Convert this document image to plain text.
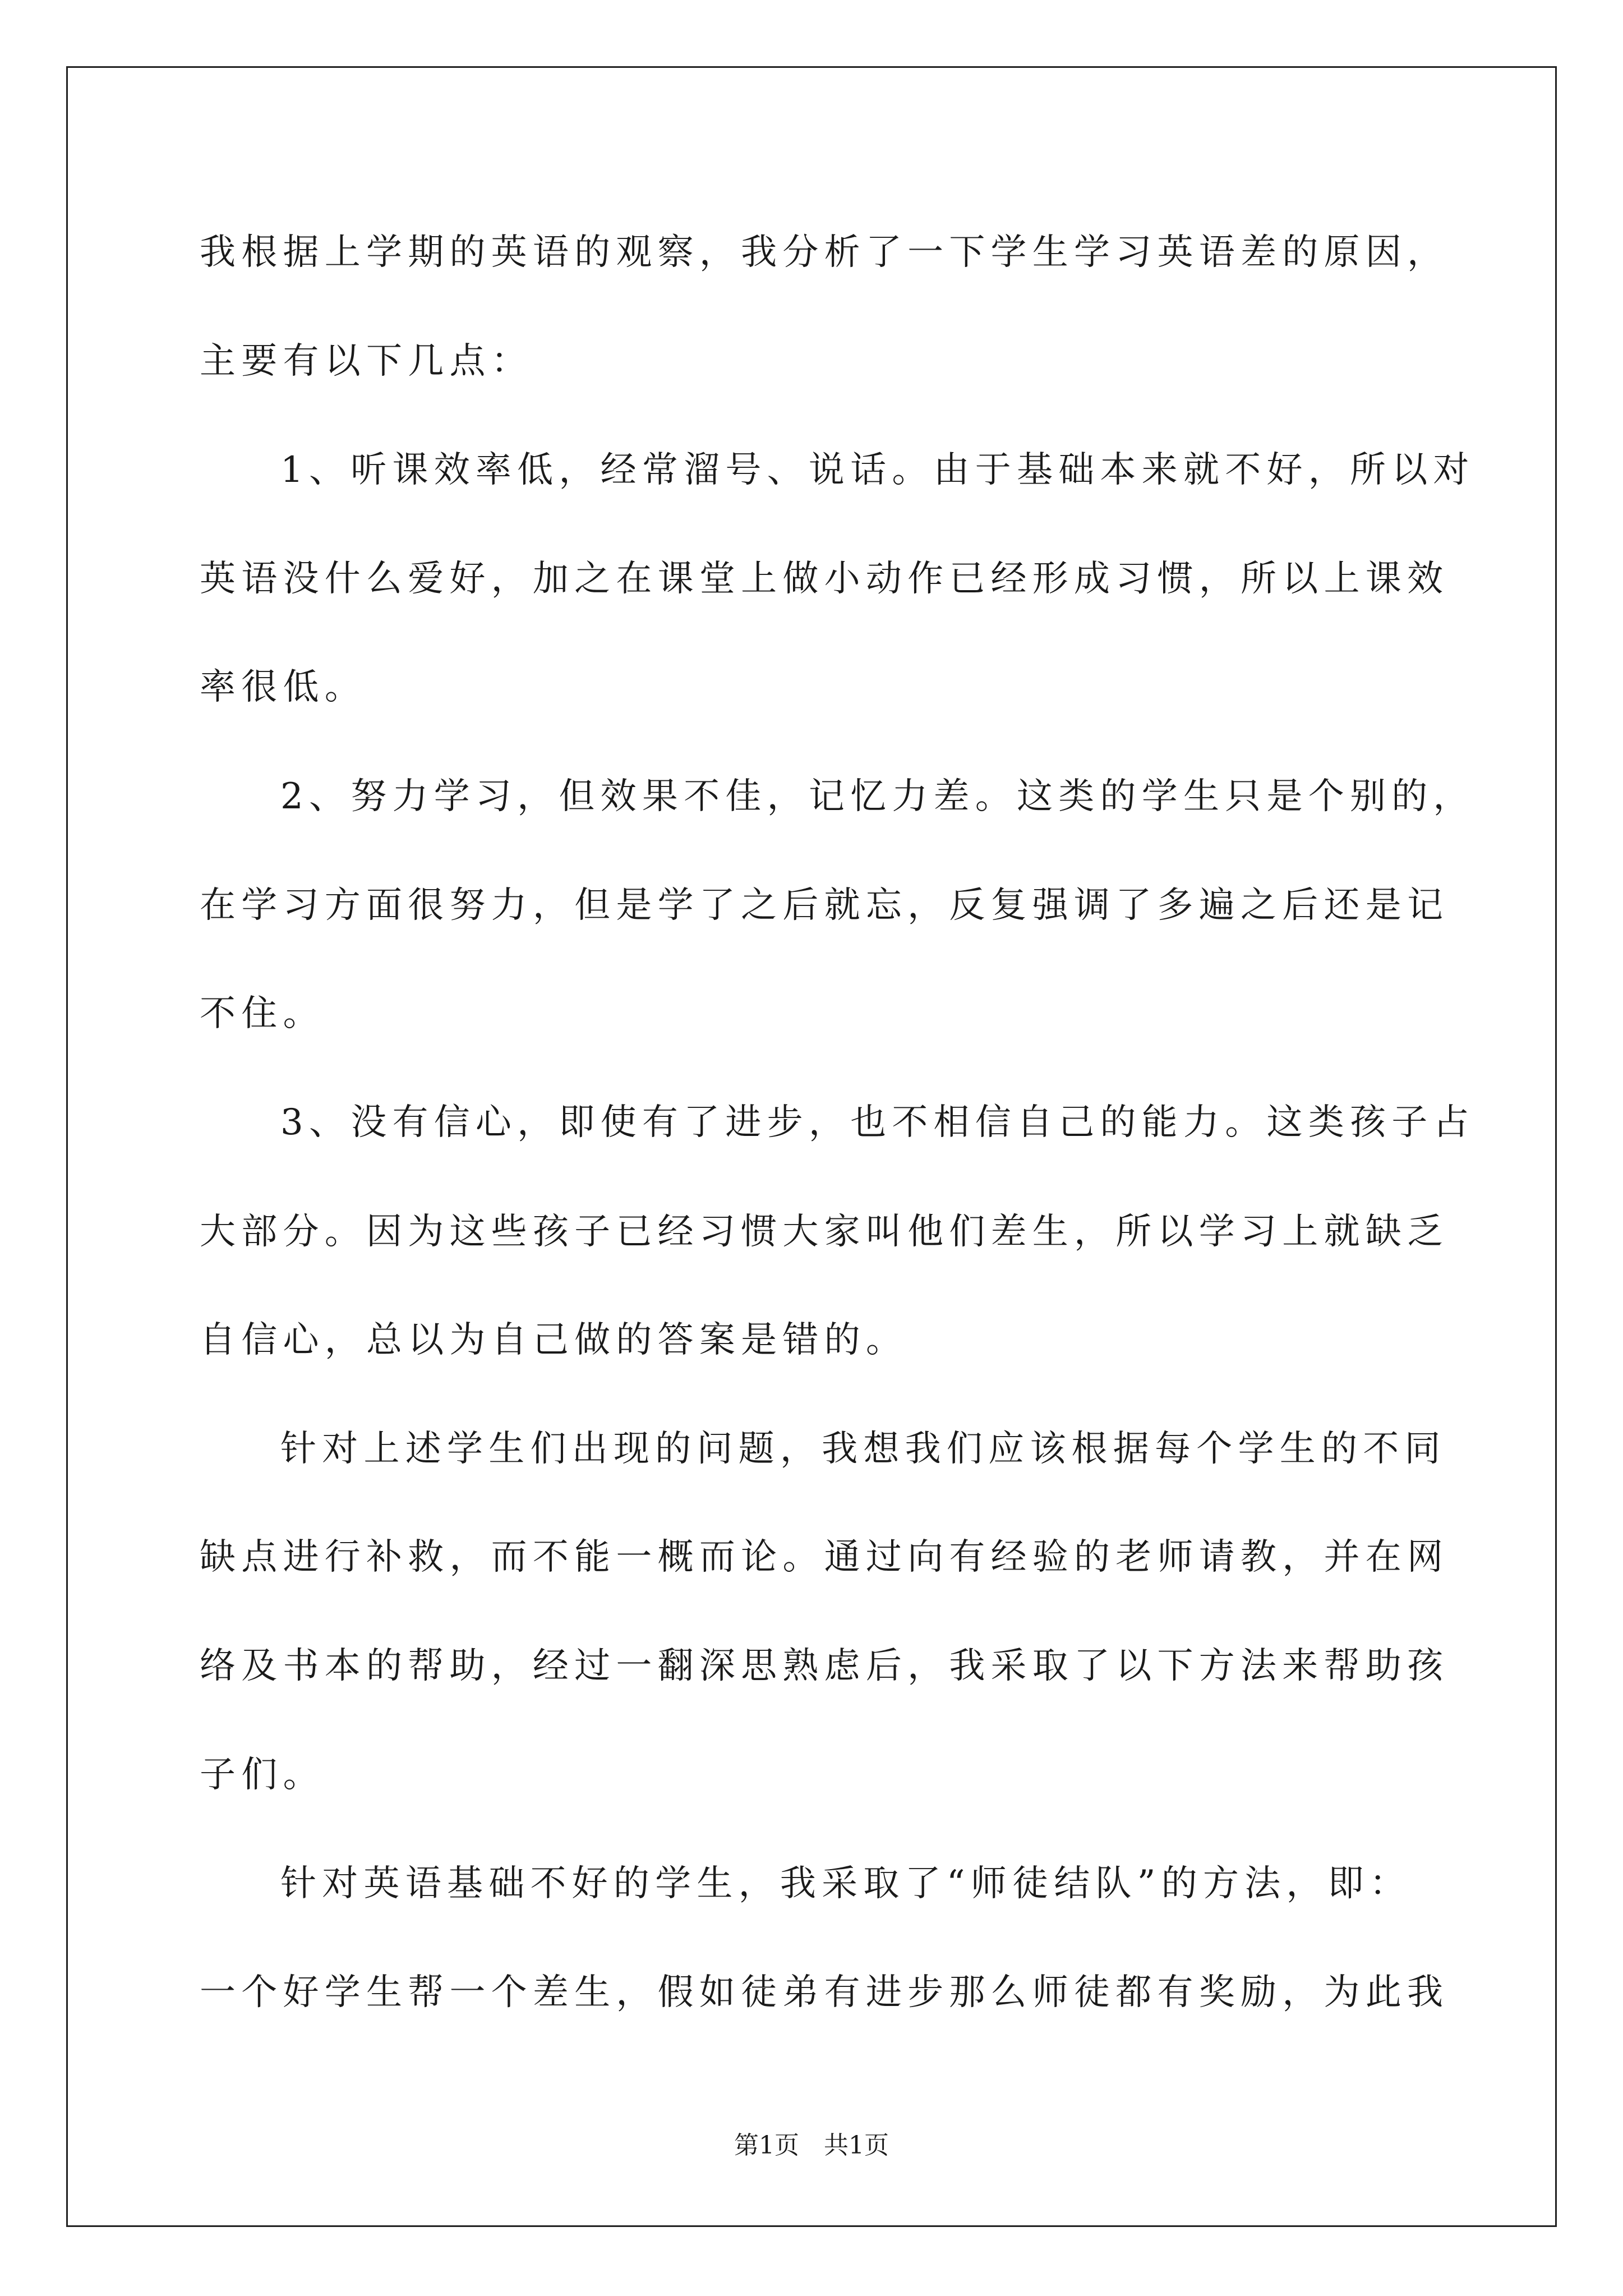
我根据上学期的英语的观察，我分析了一下学生学习英语差的原因，
主要有以下几点：
1、听课效率低，经常溜号、说话。由于基础本来就不好，所以对
英语没什么爱好，加之在课堂上做小动作已经形成习惯，所以上课效
率很低。
2、努力学习，但效果不佳，记忆力差。这类的学生只是个别的，
在学习方面很努力，但是学了之后就忘，反复强调了多遍之后还是记
不住。
3、没有信心，即使有了进步，也不相信自己的能力。这类孩子占
大部分。因为这些孩子已经习惯大家叫他们差生，所以学习上就缺乏
自信心，总以为自己做的答案是错的。
针对上述学生们出现的问题，我想我们应该根据每个学生的不同
缺点进行补救，而不能一概而论。通过向有经验的老师请教，并在网
络及书本的帮助，经过一翻深思熟虑后，我采取了以下方法来帮助孩
子们。
针对英语基础不好的学生，我采取了“师徒结队”的方法，即：
一个好学生帮一个差生，假如徒弟有进步那么师徒都有奖励，为此我
第1页　共1页
